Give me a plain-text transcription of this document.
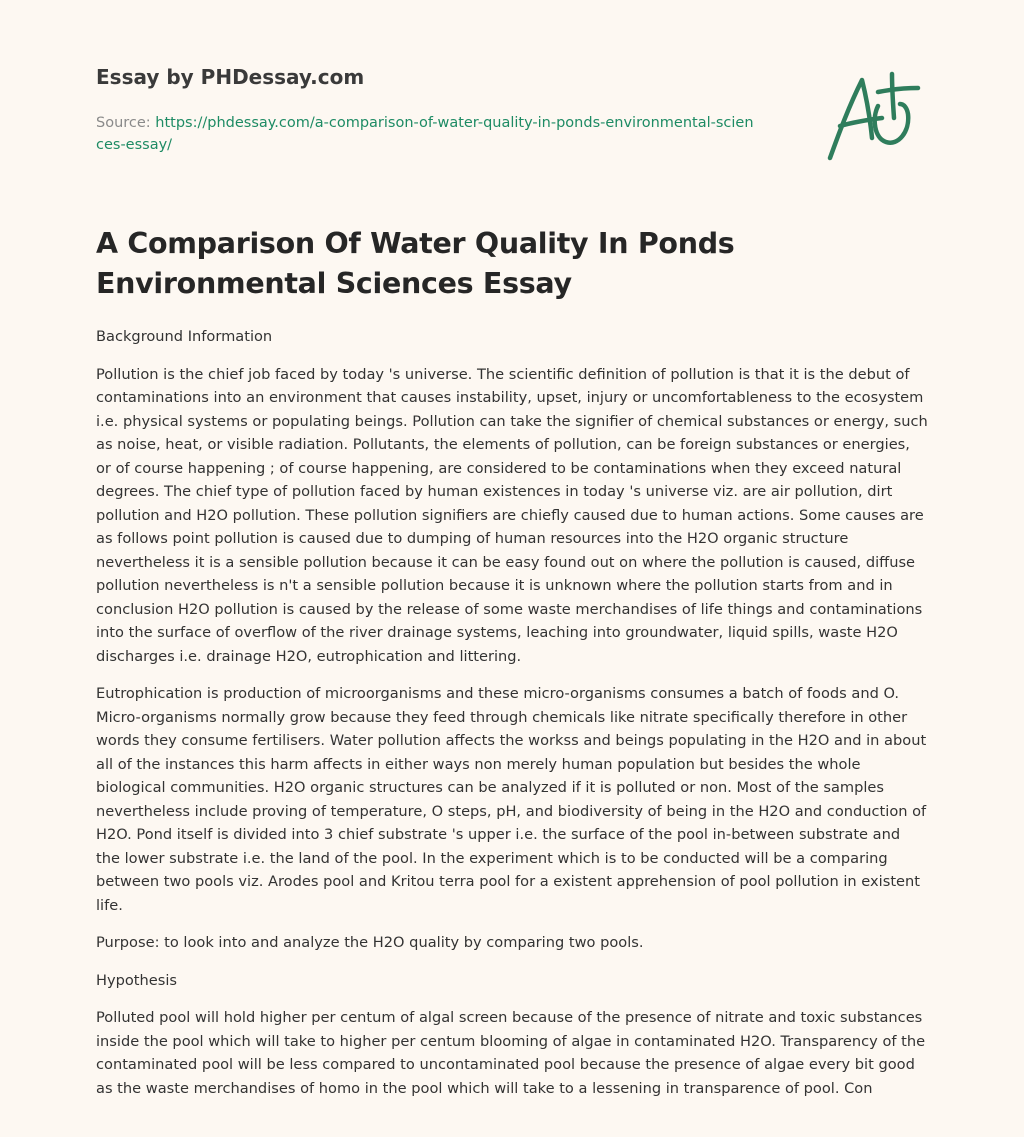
Essay by PHDessay.com
Source: https://phdessay.com/a-comparison-of-water-quality-in-ponds-environmental-sciences-essay/
A Comparison Of Water Quality In Ponds Environmental Sciences Essay

Background Information

Pollution is the chief job faced by today 's universe. The scientific definition of pollution is that it is the debut of contaminations into an environment that causes instability, upset, injury or uncomfortableness to the ecosystem i.e. physical systems or populating beings. Pollution can take the signifier of chemical substances or energy, such as noise, heat, or visible radiation. Pollutants, the elements of pollution, can be foreign substances or energies, or of course happening ; of course happening, are considered to be contaminations when they exceed natural degrees. The chief type of pollution faced by human existences in today 's universe viz. are air pollution, dirt pollution and H2O pollution. These pollution signifiers are chiefly caused due to human actions. Some causes are as follows point pollution is caused due to dumping of human resources into the H2O organic structure nevertheless it is a sensible pollution because it can be easy found out on where the pollution is caused, diffuse pollution nevertheless is n't a sensible pollution because it is unknown where the pollution starts from and in conclusion H2O pollution is caused by the release of some waste merchandises of life things and contaminations into the surface of overflow of the river drainage systems, leaching into groundwater, liquid spills, waste H2O discharges i.e. drainage H2O, eutrophication and littering.

Eutrophication is production of microorganisms and these micro-organisms consumes a batch of foods and O. Micro-organisms normally grow because they feed through chemicals like nitrate specifically therefore in other words they consume fertilisers. Water pollution affects the workss and beings populating in the H2O and in about all of the instances this harm affects in either ways non merely human population but besides the whole biological communities. H2O organic structures can be analyzed if it is polluted or non. Most of the samples nevertheless include proving of temperature, O steps, pH, and biodiversity of being in the H2O and conduction of H2O. Pond itself is divided into 3 chief substrate 's upper i.e. the surface of the pool in-between substrate and the lower substrate i.e. the land of the pool. In the experiment which is to be conducted will be a comparing between two pools viz. Arodes pool and Kritou terra pool for a existent apprehension of pool pollution in existent life.

Purpose: to look into and analyze the H2O quality by comparing two pools.

Hypothesis

Polluted pool will hold higher per centum of algal screen because of the presence of nitrate and toxic substances inside the pool which will take to higher per centum blooming of algae in contaminated H2O. Transparency of the contaminated pool will be less compared to uncontaminated pool because the presence of algae every bit good as the waste merchandises of homo in the pool which will take to a lessening in transparence of pool. Con
